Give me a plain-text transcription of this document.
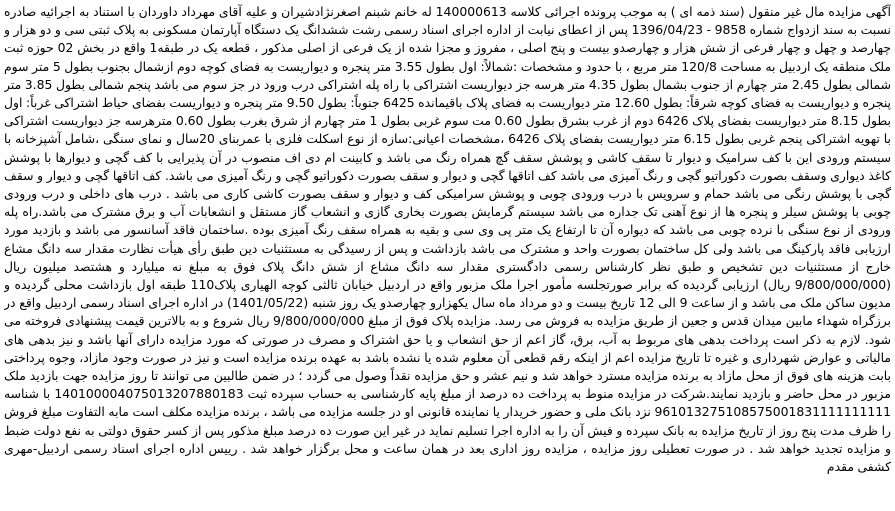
آگهی مزایده مال غیر منقول (سند ذمه ای ) به موجب پرونده اجرائی کلاسه 140000613 له خانم شبنم اصغرنژادشیران و علیه آقای مهرداد داوردان با استناد به اجرائیه صادره نسبت به سند ازدواج شماره 9858 - 1396/04/23 پس از اعطای نیابت از اداره اجرای اسناد رسمی رشت ششدانگ یک دستگاه آپارتمان مسکونی به پلاک ثبتی سی و دو هزار و چهارصد و چهل و چهار فرعی از شش هزار و چهارصدو بیست و پنج اصلی ، مفروز و مجزا شده از یک فرعی از اصلی مذکور ، قطعه یک در طبقه1 واقع در بخش 02 حوزه ثبت ملک منطقه یک اردبیل به مساحت 120/8 متر مربع ، با حدود و مشخصات :شمالاً: اول بطول 3.55 متر پنجره و دیواریست به فضای کوچه دوم ازشمال بجنوب بطول 5 متر سوم شمالی بطول 2.45 متر چهارم از جنوب بشمال بطول 4.35 متر هرسه جز دیواریست اشتراکی با راه پله اشتراکی درب ورود در جز سوم می باشد پنجم شمالی بطول 3.85 متر پنجره و دیواریست به فضای کوچه شرقاً: بطول 12.60 متر دیواریست به فضای پلاک باقیمانده 6425 جنوباً: بطول 9.50 متر پنجره و دیواریست بفضای حیاط اشتراکی غرباً: اول بطول 8.15 متر دیواریست بفضای پلاک 6426 دوم از غرب بشرق بطول 0.60 مت سوم غربی بطول 1 متر چهارم از شرق بغرب بطول 0.60 مترهرسه جز دیواریست اشتراکی با تهویه اشتراکی پنجم غربی بطول 6.15 متر دیواریست بفضای پلاک 6426 ،مشخصات اعیانی:سازه از نوع اسکلت فلزی با عمربنای 20سال و نمای سنگی ،شامل آشپزخانه با سیستم ورودی این با کف سرامیک و دیوار تا سقف کاشی و پوشش سقف گچ همراه رنگ می باشد و کابینت ام دی اف منصوب در آن پذیرایی با کف گچی و دیوارها با پوشش کاغذ دیواری وسقف بصورت دکوراتیو گچی و رنگ آمیزی می باشد کف اتاقها گچی و دیوار و سقف بصورت دکوراتیو گچی و رنگ آمیزی می باشد. کف اتاقها گچی و دیوار و سقف گچی با پوشش رنگی می باشد حمام و سرویس با درب ورودی چوبی و پوشش سرامیکی کف و دیوار و سقف بصورت کاشی کاری می باشد . درب های داخلی و درب ورودی چوبی با پوشش سیلر و پنجره ها از نوع آهنی تک جداره می باشد سیستم گرمایش بصورت بخاری گازی و انشعاب گاز مستقل و انشعابات آب و برق مشترک می باشد.راه پله ورودی از نوع سنگی با نرده چوبی می باشد که دیواره آن تا ارتفاع یک متر پی وی سی و بقیه به همراه سقف رنگ آمیزی بوده .ساختمان فاقد آسانسور می باشد و بازدید مورد ارزیابی فاقد پارکینگ می باشد ولی کل ساختمان بصورت واحد و مشترک می باشد بازداشت و پس از رسیدگی به مستثنیات دین طبق رأی هیأت نظارت مقدار سه دانگ مشاع خارج از مستثنیات دین تشخیص و طبق نظر کارشناس رسمی دادگستری مقدار سه دانگ مشاع از شش دانگ پلاک فوق به مبلغ نه میلیارد و هشتصد میلیون ریال (9/800/000/000 ریال) ارزیابی گردیده که برابر صورتجلسه مأمور اجرا ملک مزبور واقع در اردبیل خیابان ثالثی کوچه الهیاری پلاک110 طبقه اول بازداشت محلی گردیده و مدیون ساکن ملک می باشد و از ساعت 9 الی 12 تاریخ بیست و دو مرداد ماه سال یکهزارو چهارصدو یک روز شنبه (1401/05/22) در اداره اجرای اسناد رسمی اردبیل واقع در برزگراه شهداء مابین میدان قدس و جعین از طریق مزایده به فروش می رسد. مزایده پلاک فوق از مبلغ 9/800/000/000 ریال شروع و به بالاترین قیمت پیشنهادی فروخته می شود. لازم به ذکر است پرداخت بدهی های مربوط به آب، برق، گاز اعم از حق انشعاب و یا حق اشتراک و مصرف در صورتی که مورد مزایده دارای آنها باشد و نیز بدهی های مالیاتی و عوارض شهرداری و غیره تا تاریخ مزایده اعم از اینکه رقم قطعی آن معلوم شده یا نشده باشد به عهده برنده مزایده است و نیز در صورت وجود مازاد، وجوه پرداختی بابت هزینه های فوق از محل مازاد به برنده مزایده مسترد خواهد شد و نیم عشر و حق مزایده نقداً وصول می گردد ؛ در ضمن طالبین می توانند تا روز مزایده جهت بازدید ملک مزبور در محل حاضر و بازدید نمایند.شرکت در مزایده منوط به پرداخت ده درصد از مبلغ پایه کارشناسی به حساب سپرده ثبت 140100004075013207880183 با شناسه 961013275108575001831111111111 نزد بانک ملی و حضور خریدار یا نماینده قانونی او در جلسه مزایده می باشد ، برنده مزایده مکلف است مابه التفاوت مبلغ فروش را ظرف مدت پنج روز از تاریخ مزایده به بانک سپرده و فیش آن را به اداره اجرا تسلیم نماید در غیر این صورت ده درصد مبلغ مذکور پس از کسر حقوق دولتی به نفع دولت ضبط و مزایده تجدید خواهد شد . در صورت تعطیلی روز مزایده ، مزایده روز اداری بعد در همان ساعت و محل برگزار خواهد شد . رییس اداره اجرای اسناد رسمی اردبیل-مهری کشفی مقدم
